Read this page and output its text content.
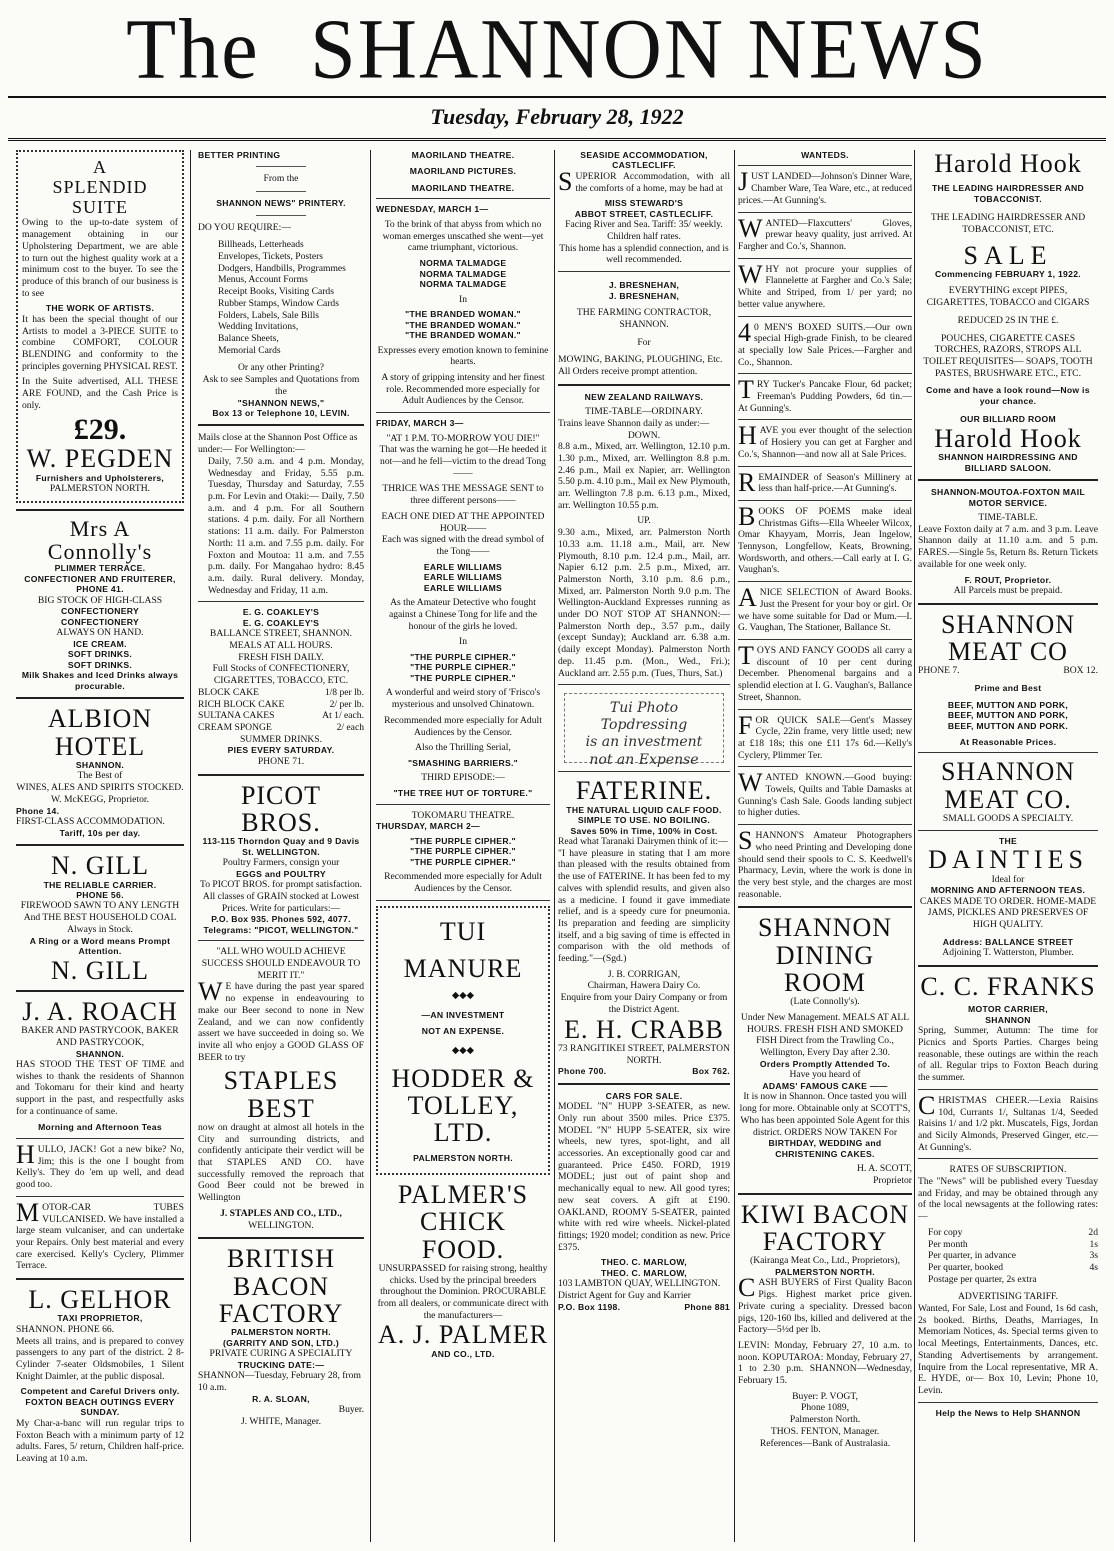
The SHANNON NEWS
Tuesday, February 28, 1922
A
SPLENDID SUITE

Owing to the up-to-date system of management obtaining in our Upholstering Department, we are able to turn out the highest quality work at a minimum cost to the buyer. To see the produce of this branch of our business is to see

THE WORK OF ARTISTS.

It has been the special thought of our Artists to model a 3-PIECE SUITE to combine COMFORT, COLOUR BLENDING and conformity to the principles governing PHYSICAL REST.

In the Suite advertised, ALL THESE ARE FOUND, and the Cash Price is only.

£29.
W. PEGDEN
Furnishers and Upholsterers,
PALMERSTON NORTH.
Mrs A Connolly's
PLIMMER TERRACE.
CONFECTIONER AND FRUITERER,
PHONE 41.
BIG STOCK OF HIGH-CLASS
CONFECTIONERY
CONFECTIONERY
ALWAYS ON HAND.
ICE CREAM.
SOFT DRINKS.
SOFT DRINKS.
Milk Shakes and Iced Drinks always procurable.
ALBION HOTEL
SHANNON.
The Best of
WINES, ALES AND SPIRITS STOCKED.
W. McKEGG, Proprietor.
Phone 14.
FIRST-CLASS ACCOMMODATION.
Tariff, 10s per day.
N. GILL
THE RELIABLE CARRIER.
PHONE 56.
FIREWOOD SAWN TO ANY LENGTH And THE BEST HOUSEHOLD COAL Always in Stock.
A Ring or a Word means Prompt Attention.
N. GILL
J. A. ROACH
BAKER AND PASTRYCOOK, BAKER AND PASTRYCOOK,
SHANNON.

HAS STOOD THE TEST OF TIME and wishes to thank the residents of Shannon and Tokomaru for their kind and hearty support in the past, and respectfully asks for a continuance of same.

Morning and Afternoon Teas

HULLO, JACK! Got a new bike? No, Jim; this is the one I bought from Kelly's. They do 'em up well, and dead good too.

MOTOR-CAR TUBES VULCANISED. We have installed a large steam vulcaniser, and can undertake your Repairs. Only best material and every care exercised. Kelly's Cyclery, Plimmer Terrace.

L. GELHOR
TAXI PROPRIETOR,
SHANNON. PHONE 66.

Meets all trains, and is prepared to convey passengers to any part of the district. 2 8-Cylinder 7-seater Oldsmobiles, 1 Silent Knight Daimler, at the public disposal.

Competent and Careful Drivers only. FOXTON BEACH OUTINGS EVERY SUNDAY.

My Char-a-banc will run regular trips to Foxton Beach with a minimum party of 12 adults. Fares, 5/ return, Children half-price. Leaving at 10 a.m.

BETTER PRINTING
From the
SHANNON NEWS" PRINTERY.
DO YOU REQUIRE:—
Billheads, Letterheads
Envelopes, Tickets, Posters
Dodgers, Handbills, Programmes
Menus, Account Forms
Receipt Books, Visiting Cards
Rubber Stamps, Window Cards
Folders, Labels, Sale Bills
Wedding Invitations,
Balance Sheets,
Memorial Cards
Or any other Printing?
Ask to see Samples and Quotations from the
"SHANNON NEWS,"
Box 13 or Telephone 10, LEVIN.
Mails close at the Shannon Post Office as under:— For Wellington:—

Daily, 7.50 a.m. and 4 p.m. Monday, Wednesday and Friday, 5.55 p.m. Tuesday, Thursday and Saturday, 7.55 p.m. For Levin and Otaki:— Daily, 7.50 a.m. and 4 p.m. For all Southern stations. 4 p.m. daily. For all Northern stations: 11 a.m. daily. For Palmerston North: 11 a.m. and 7.55 p.m. daily. For Foxton and Moutoa: 11 a.m. and 7.55 p.m. daily. For Mangahao hydro: 8.45 a.m. daily. Rural delivery. Monday, Wednesday and Friday, 11 a.m.

E. G. COAKLEY'S
E. G. COAKLEY'S
BALLANCE STREET, SHANNON.
MEALS AT ALL HOURS.
FRESH FISH DAILY.
Full Stocks of CONFECTIONERY, CIGARETTES, TOBACCO, ETC.
BLOCK CAKE	1/8 per lb.
RICH BLOCK CAKE	2/ per lb.
SULTANA CAKES	At 1/ each.
CREAM SPONGE	2/ each
SUMMER DRINKS.
PIES EVERY SATURDAY.
PHONE 71.
PICOT BROS.
113-115 Thorndon Quay and 9 Davis St. WELLINGTON.
Poultry Farmers, consign your
EGGS and POULTRY
To PICOT BROS. for prompt satisfaction. All classes of GRAIN stocked at Lowest Prices. Write for particulars:—
P.O. Box 935. Phones 592, 4077.
Telegrams: "PICOT, WELLINGTON."
"ALL WHO WOULD ACHIEVE SUCCESS SHOULD ENDEAVOUR TO MERIT IT."

WE have during the past year spared no expense in endeavouring to make our Beer second to none in New Zealand, and we can now confidently assert we have succeeded in doing so. We invite all who enjoy a GOOD GLASS OF BEER to try

STAPLES BEST

now on draught at almost all hotels in the City and surrounding districts, and confidently anticipate their verdict will be that STAPLES AND CO. have successfully removed the reproach that Good Beer could not be brewed in Wellington

J. STAPLES AND CO., LTD.,
WELLINGTON.
BRITISH BACON FACTORY
PALMERSTON NORTH.
(GARRITY AND SON, LTD.)
PRIVATE CURING A SPECIALITY
TRUCKING DATE:—
SHANNON—Tuesday, February 28, from 10 a.m.
R. A. SLOAN,
Buyer.
J. WHITE, Manager.
MAORILAND THEATRE.
MAORILAND PICTURES.
MAORILAND THEATRE.
WEDNESDAY, MARCH 1—
To the brink of that abyss from which no woman emerges unscathed she went—yet came triumphant, victorious.
NORMA TALMADGE
NORMA TALMADGE
NORMA TALMADGE
In
"THE BRANDED WOMAN."
"THE BRANDED WOMAN."
"THE BRANDED WOMAN."
Expresses every emotion known to feminine hearts.
A story of gripping intensity and her finest role. Recommended more especially for Adult Audiences by the Censor.
FRIDAY, MARCH 3—
"AT 1 P.M. TO-MORROW YOU DIE!"
That was the warning he got—He heeded it not—and he fell—victim to the dread Tong——
THRICE WAS THE MESSAGE SENT to three different persons——
EACH ONE DIED AT THE APPOINTED HOUR——
Each was signed with the dread symbol of the Tong——
EARLE WILLIAMS
EARLE WILLIAMS
EARLE WILLIAMS
As the Amateur Detective who fought against a Chinese Tong for life and the honour of the girls he loved.
In
"THE PURPLE CIPHER."
"THE PURPLE CIPHER."
"THE PURPLE CIPHER."
A wonderful and weird story of 'Frisco's mysterious and unsolved Chinatown.
Recommended more especially for Adult Audiences by the Censor.
Also the Thrilling Serial,
"SMASHING BARRIERS."
THIRD EPISODE:—
"THE TREE HUT OF TORTURE."
TOKOMARU THEATRE.
THURSDAY, MARCH 2—
"THE PURPLE CIPHER."
"THE PURPLE CIPHER."
"THE PURPLE CIPHER."
Recommended more especially for Adult Audiences by the Censor.
TUI
MANURE
◆◆◆
—AN INVESTMENT
NOT AN EXPENSE.
◆◆◆
HODDER & TOLLEY, LTD.
PALMERSTON NORTH.
PALMER'S CHICK FOOD.
UNSURPASSED for raising strong, healthy chicks. Used by the principal breeders throughout the Dominion. PROCURABLE from all dealers, or communicate direct with the manufacturers—
A. J. PALMER
AND CO., LTD.
SEASIDE ACCOMMODATION, CASTLECLIFF.

SUPERIOR Accommodation, with all the comforts of a home, may be had at

MISS STEWARD'S
ABBOT STREET, CASTLECLIFF.
Facing River and Sea. Tariff: 35/ weekly. Children half rates.
This home has a splendid connection, and is well recommended.
J. BRESNEHAN,
J. BRESNEHAN,
THE FARMING CONTRACTOR, SHANNON.
For
MOWING, BAKING, PLOUGHING, Etc. All Orders receive prompt attention.
NEW ZEALAND RAILWAYS.
TIME-TABLE—ORDINARY.
Trains leave Shannon daily as under:—
DOWN.

8.8 a.m., Mixed, arr. Wellington, 12.10 p.m. 1.30 p.m., Mixed, arr. Wellington 8.8 p.m. 2.46 p.m., Mail ex Napier, arr. Wellington 5.50 p.m. 4.10 p.m., Mail ex New Plymouth, arr. Wellington 7.8 p.m. 6.13 p.m., Mixed, arr. Wellington 10.55 p.m.

UP.

9.30 a.m., Mixed, arr. Palmerston North 10.33 a.m. 11.18 a.m., Mail, arr. New Plymouth, 8.10 p.m. 12.4 p.m., Mail, arr. Napier 6.12 p.m. 2.5 p.m., Mixed, arr. Palmerston North, 3.10 p.m. 8.6 p.m., Mixed, arr. Palmerston North 9.0 p.m. The Wellington-Auckland Expresses running as under DO NOT STOP AT SHANNON:— Palmerston North dep., 3.57 p.m., daily (except Sunday); Auckland arr. 6.38 a.m. (daily except Monday). Palmerston North dep. 11.45 p.m. (Mon., Wed., Fri.); Auckland arr. 2.55 p.m. (Tues, Thurs, Sat.)

Tui Photo Topdressing
is an investment
not an Expense
FATERINE.
THE NATURAL LIQUID CALF FOOD.
SIMPLE TO USE. NO BOILING.
Saves 50% in Time, 100% in Cost.
Read what Taranaki Dairymen think of it:—

"I have pleasure in stating that I am more than pleased with the results obtained from the use of FATERINE. It has been fed to my calves with splendid results, and given also as a medicine. I found it gave immediate relief, and is a speedy cure for pneumonia. Its preparation and feeding are simplicity itself, and a big saving of time is effected in comparison with the old methods of feeding."—(Sgd.)

J. B. CORRIGAN,
Chairman, Hawera Dairy Co.
Enquire from your Dairy Company or from the District Agent.
E. H. CRABB
73 RANGITIKEI STREET, PALMERSTON NORTH.
Phone 700.	Box 762.
CARS FOR SALE.

MODEL "N" HUPP 3-SEATER, as new. Only run about 3500 miles. Price £375. MODEL "N" HUPP 5-SEATER, six wire wheels, new tyres, spot-light, and all accessories. An exceptionally good car and guaranteed. Price £450. FORD, 1919 MODEL; just out of paint shop and mechanically equal to new. All good tyres; new seat covers. A gift at £190. OAKLAND, ROOMY 5-SEATER, painted white with red wire wheels. Nickel-plated fittings; 1920 model; condition as new. Price £375.

THEO. C. MARLOW,
THEO. C. MARLOW,
103 LAMBTON QUAY, WELLINGTON. District Agent for Guy and Karrier
P.O. Box 1198.	Phone 881
WANTEDS.

JUST LANDED—Johnson's Dinner Ware, Chamber Ware, Tea Ware, etc., at reduced prices.—At Gunning's.

WANTED—Flaxcutters' Gloves, prewar heavy quality, just arrived. At Fargher and Co.'s, Shannon.

WHY not procure your supplies of Flannelette at Fargher and Co.'s Sale; White and Striped, from 1/ per yard; no better value anywhere.

40 MEN'S BOXED SUITS.—Our own special High-grade Finish, to be cleared at specially low Sale Prices.—Fargher and Co., Shannon.

TRY Tucker's Pancake Flour, 6d packet; Freeman's Pudding Powders, 6d tin.—At Gunning's.

HAVE you ever thought of the selection of Hosiery you can get at Fargher and Co.'s, Shannon—and now all at Sale Prices.

REMAINDER of Season's Millinery at less than half-price.—At Gunning's.

BOOKS OF POEMS make ideal Christmas Gifts—Ella Wheeler Wilcox, Omar Khayyam, Morris, Jean Ingelow, Tennyson, Longfellow, Keats, Browning, Wordsworth, and others.—Call early at I. G. Vaughan's.

ANICE SELECTION of Award Books. Just the Present for your boy or girl. Or we have some suitable for Dad or Mum.—I. G. Vaughan, The Stationer, Ballance St.

TOYS AND FANCY GOODS all carry a discount of 10 per cent during December. Phenomenal bargains and a splendid election at I. G. Vaughan's, Ballance Street, Shannon.

FOR QUICK SALE—Gent's Massey Cycle, 22in frame, very little used; new at £18 18s; this one £11 17s 6d.—Kelly's Cyclery, Plimmer Ter.

WANTED KNOWN.—Good buying: Towels, Quilts and Table Damasks at Gunning's Cash Sale. Goods landing subject to higher duties.

SHANNON'S Amateur Photographers who need Printing and Developing done should send their spools to C. S. Keedwell's Pharmacy, Levin, where the work is done in the very best style, and the charges are most reasonable.

SHANNON DINING ROOM
(Late Connolly's).
Under New Management. MEALS AT ALL HOURS. FRESH FISH AND SMOKED FISH Direct from the Trawling Co., Wellington, Every Day after 2.30.
Orders Promptly Attended To.
Have you heard of
ADAMS' FAMOUS CAKE ——
It is now in Shannon. Once tasted you will long for more. Obtainable only at SCOTT'S, Who has been appointed Sole Agent for this district. ORDERS NOW TAKEN For
BIRTHDAY, WEDDING and CHRISTENING CAKES.
H. A. SCOTT,
Proprietor
KIWI BACON FACTORY
(Kairanga Meat Co., Ltd., Proprietors),
PALMERSTON NORTH.

CASH BUYERS of First Quality Bacon Pigs. Highest market price given. Private curing a speciality. Dressed bacon pigs, 120-160 lbs, killed and delivered at the Factory—5½d per lb.

LEVIN: Monday, February 27, 10 a.m. to noon. KOPUTAROA: Monday, February 27, 1 to 2.30 p.m. SHANNON—Wednesday, February 15.

Buyer: P. VOGT,
Phone 1089,
Palmerston North.
THOS. FENTON, Manager.
References—Bank of Australasia.
Harold Hook
THE LEADING HAIRDRESSER AND TOBACCONIST.
THE LEADING HAIRDRESSER AND TOBACCONIST, ETC.
SALE
Commencing FEBRUARY 1, 1922.
EVERYTHING except PIPES, CIGARETTES, TOBACCO and CIGARS
REDUCED 2S IN THE £.
POUCHES, CIGARETTE CASES TORCHES, RAZORS, STROPS ALL TOILET REQUISITES— SOAPS, TOOTH PASTES, BRUSHWARE ETC., ETC.
Come and have a look round—Now is your chance.
OUR BILLIARD ROOM
Harold Hook
SHANNON HAIRDRESSING AND BILLIARD SALOON.
SHANNON-MOUTOA-FOXTON MAIL MOTOR SERVICE.
TIME-TABLE.

Leave Foxton daily at 7 a.m. and 3 p.m. Leave Shannon daily at 11.10 a.m. and 5 p.m. FARES.—Single 5s, Return 8s. Return Tickets available for one week only.

F. ROUT, Proprietor.
All Parcels must be prepaid.
SHANNON MEAT CO
PHONE 7.	BOX 12.
Prime and Best
BEEF, MUTTON AND PORK,
BEEF, MUTTON AND PORK,
BEEF, MUTTON AND PORK.
At Reasonable Prices.
SHANNON MEAT CO.
SMALL GOODS A SPECIALTY.
THE
DAINTIES
Ideal for
MORNING AND AFTERNOON TEAS.
CAKES MADE TO ORDER. HOME-MADE JAMS, PICKLES AND PRESERVES OF HIGH QUALITY.
Address: BALLANCE STREET
Adjoining T. Watterston, Plumber.
C. C. FRANKS
MOTOR CARRIER,
SHANNON

Spring, Summer, Autumn: The time for Picnics and Sports Parties. Charges being reasonable, these outings are within the reach of all. Regular trips to Foxton Beach during the summer.

CHRISTMAS CHEER.—Lexia Raisins 10d, Currants 1/, Sultanas 1/4, Seeded Raisins 1/ and 1/2 pkt. Muscatels, Figs, Jordan and Sicily Almonds, Preserved Ginger, etc.—At Gunning's.

RATES OF SUBSCRIPTION.

The "News" will be published every Tuesday and Friday, and may be obtained through any of the local newsagents at the following rates:—

For copy	2d
Per month	1s
Per quarter, in advance	3s
Per quarter, booked	4s
Postage per quarter, 2s extra
ADVERTISING TARIFF.

Wanted, For Sale, Lost and Found, 1s 6d cash, 2s booked. Births, Deaths, Marriages, In Memoriam Notices, 4s. Special terms given to local Meetings, Entertainments, Dances, etc. Standing Advertisements by arrangement. Inquire from the Local representative, MR A. E. HYDE, or— Box 10, Levin; Phone 10, Levin.

Help the News to Help SHANNON
